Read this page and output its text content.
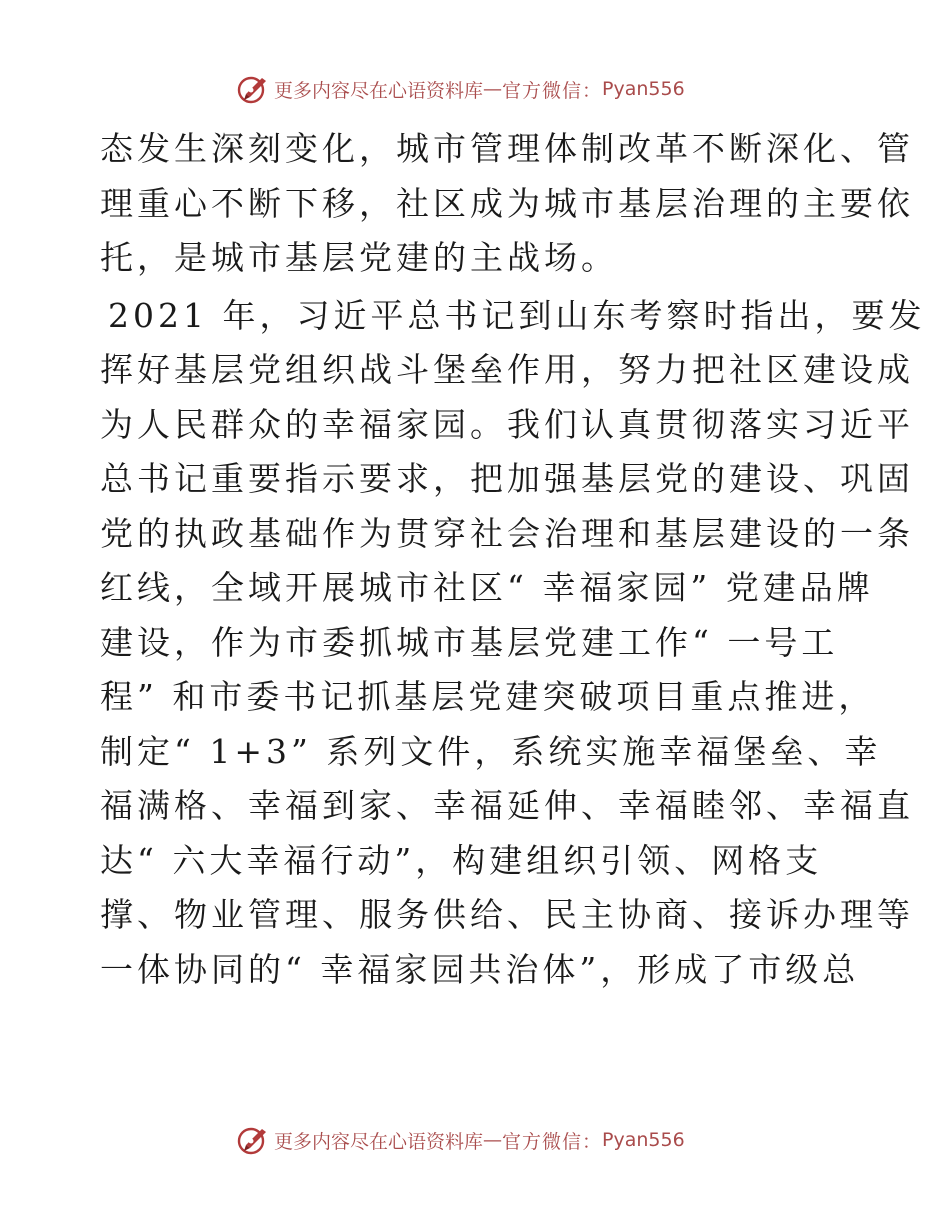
更多内容尽在心语资料库 — 官方微信： Pyan556
态发生深刻变化，城市管理体制改革不断深化、管
理重心不断下移，社区成为城市基层治理的主要依
托，是城市基层党建的主战场。
2021 年，习近平总书记到山东考察时指出，要发
挥好基层党组织战斗堡垒作用，努力把社区建设成
为人民群众的幸福家园。我们认真贯彻落实习近平
总书记重要指示要求，把加强基层党的建设、巩固
党的执政基础作为贯穿社会治理和基层建设的一条
红线，全域开展城市社区“ 幸福家园” 党建品牌
建设，作为市委抓城市基层党建工作“ 一号工
程” 和市委书记抓基层党建突破项目重点推进，
制定“ 1+3” 系列文件，系统实施幸福堡垒、幸
福满格、幸福到家、幸福延伸、幸福睦邻、幸福直
达“ 六大幸福行动”，构建组织引领、网格支
撑、物业管理、服务供给、民主协商、接诉办理等
一体协同的“ 幸福家园共治体”，形成了市级总
更多内容尽在心语资料库 — 官方微信： Pyan556
